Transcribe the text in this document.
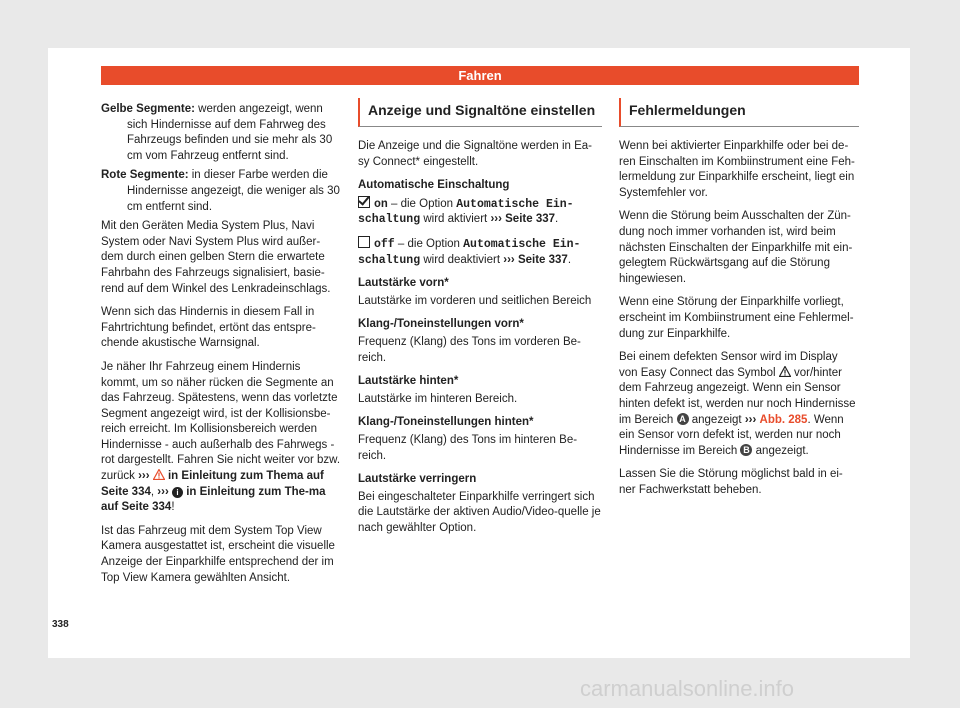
Fahren

Gelbe Segmente: werden angezeigt, wenn sich Hindernisse auf dem Fahrweg des Fahrzeugs befinden und sie mehr als 30 cm vom Fahrzeug entfernt sind.

Rote Segmente: in dieser Farbe werden die Hindernisse angezeigt, die weniger als 30 cm entfernt sind.

Mit den Geräten Media System Plus, Navi System oder Navi System Plus wird außer-dem durch einen gelben Stern die erwartete Fahrbahn des Fahrzeugs signalisiert, basie-rend auf dem Winkel des Lenkradeinschlags.

Wenn sich das Hindernis in diesem Fall in Fahrtrichtung befindet, ertönt das entspre-chende akustische Warnsignal.

Je näher Ihr Fahrzeug einem Hindernis kommt, um so näher rücken die Segmente an das Fahrzeug. Spätestens, wenn das vorletzte Segment angezeigt wird, ist der Kollisionsbe-reich erreicht. Im Kollisionsbereich werden Hindernisse - auch außerhalb des Fahrwegs - rot dargestellt. Fahren Sie nicht weiter vor bzw. zurück ››› in Einleitung zum Thema auf Seite 334, ››› i in Einleitung zum The-ma auf Seite 334!

Ist das Fahrzeug mit dem System Top View Kamera ausgestattet ist, erscheint die visuelle Anzeige der Einparkhilfe entsprechend der im Top View Kamera gewählten Ansicht.

Anzeige und Signaltöne einstellen

Die Anzeige und die Signaltöne werden in Ea-sy Connect* eingestellt.

Automatische Einschaltung

on – die Option Automatische Ein-schaltung wird aktiviert ››› Seite 337.

off – die Option Automatische Ein-schaltung wird deaktiviert ››› Seite 337.

Lautstärke vorn*

Lautstärke im vorderen und seitlichen Bereich

Klang-/Toneinstellungen vorn*

Frequenz (Klang) des Tons im vorderen Be-reich.

Lautstärke hinten*

Lautstärke im hinteren Bereich.

Klang-/Toneinstellungen hinten*

Frequenz (Klang) des Tons im hinteren Be-reich.

Lautstärke verringern

Bei eingeschalteter Einparkhilfe verringert sich die Lautstärke der aktiven Audio/Video-quelle je nach gewählter Option.

Fehlermeldungen

Wenn bei aktivierter Einparkhilfe oder bei de-ren Einschalten im Kombiinstrument eine Feh-lermeldung zur Einparkhilfe erscheint, liegt ein Systemfehler vor.

Wenn die Störung beim Ausschalten der Zün-dung noch immer vorhanden ist, wird beim nächsten Einschalten der Einparkhilfe mit ein-gelegtem Rückwärtsgang auf die Störung hingewiesen.

Wenn eine Störung der Einparkhilfe vorliegt, erscheint im Kombiinstrument eine Fehlermel-dung zur Einparkhilfe.

Bei einem defekten Sensor wird im Display von Easy Connect das Symbol vor/hinter dem Fahrzeug angezeigt. Wenn ein Sensor hinten defekt ist, werden nur noch Hindernisse im Bereich A angezeigt ››› Abb. 285. Wenn ein Sensor vorn defekt ist, werden nur noch Hindernisse im Bereich B angezeigt.

Lassen Sie die Störung möglichst bald in ei-ner Fachwerkstatt beheben.

338
carmanualsonline.info
